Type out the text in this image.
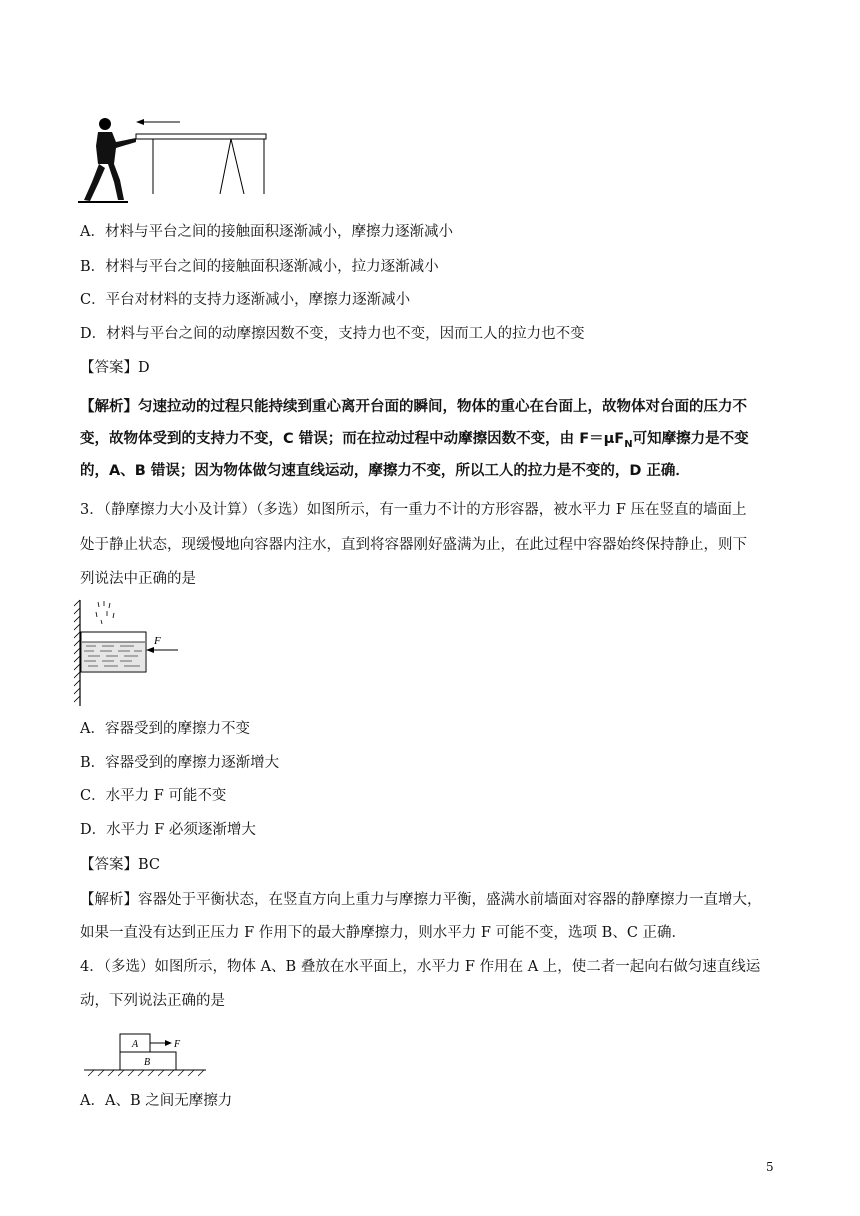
A．材料与平台之间的接触面积逐渐减小，摩擦力逐渐减小
B．材料与平台之间的接触面积逐渐减小，拉力逐渐减小
C．平台对材料的支持力逐渐减小，摩擦力逐渐减小
D．材料与平台之间的动摩擦因数不变，支持力也不变，因而工人的拉力也不变
【答案】D
【解析】匀速拉动的过程只能持续到重心离开台面的瞬间，物体的重心在台面上，故物体对台面的压力不
变，故物体受到的支持力不变，C 错误；而在拉动过程中动摩擦因数不变，由 $F=\mu F_N$可知摩擦力是不变
的，A、B 错误；因为物体做匀速直线运动，摩擦力不变，所以工人的拉力是不变的，D 正确．
3．（静摩擦力大小及计算）（多选）如图所示，有一重力不计的方形容器，被水平力 F 压在竖直的墙面上
处于静止状态，现缓慢地向容器内注水，直到将容器刚好盛满为止，在此过程中容器始终保持静止，则下
列说法中正确的是
F
A．容器受到的摩擦力不变
B．容器受到的摩擦力逐渐增大
C．水平力 F 可能不变
D．水平力 F 必须逐渐增大
【答案】BC
【解析】容器处于平衡状态，在竖直方向上重力与摩擦力平衡，盛满水前墙面对容器的静摩擦力一直增大，
如果一直没有达到正压力 F 作用下的最大静摩擦力，则水平力 F 可能不变，选项 B、C 正确．
4．（多选）如图所示，物体 A、B 叠放在水平面上，水平力 F 作用在 A 上，使二者一起向右做匀速直线运
动，下列说法正确的是
A
B
F
A．A、B 之间无摩擦力
5
